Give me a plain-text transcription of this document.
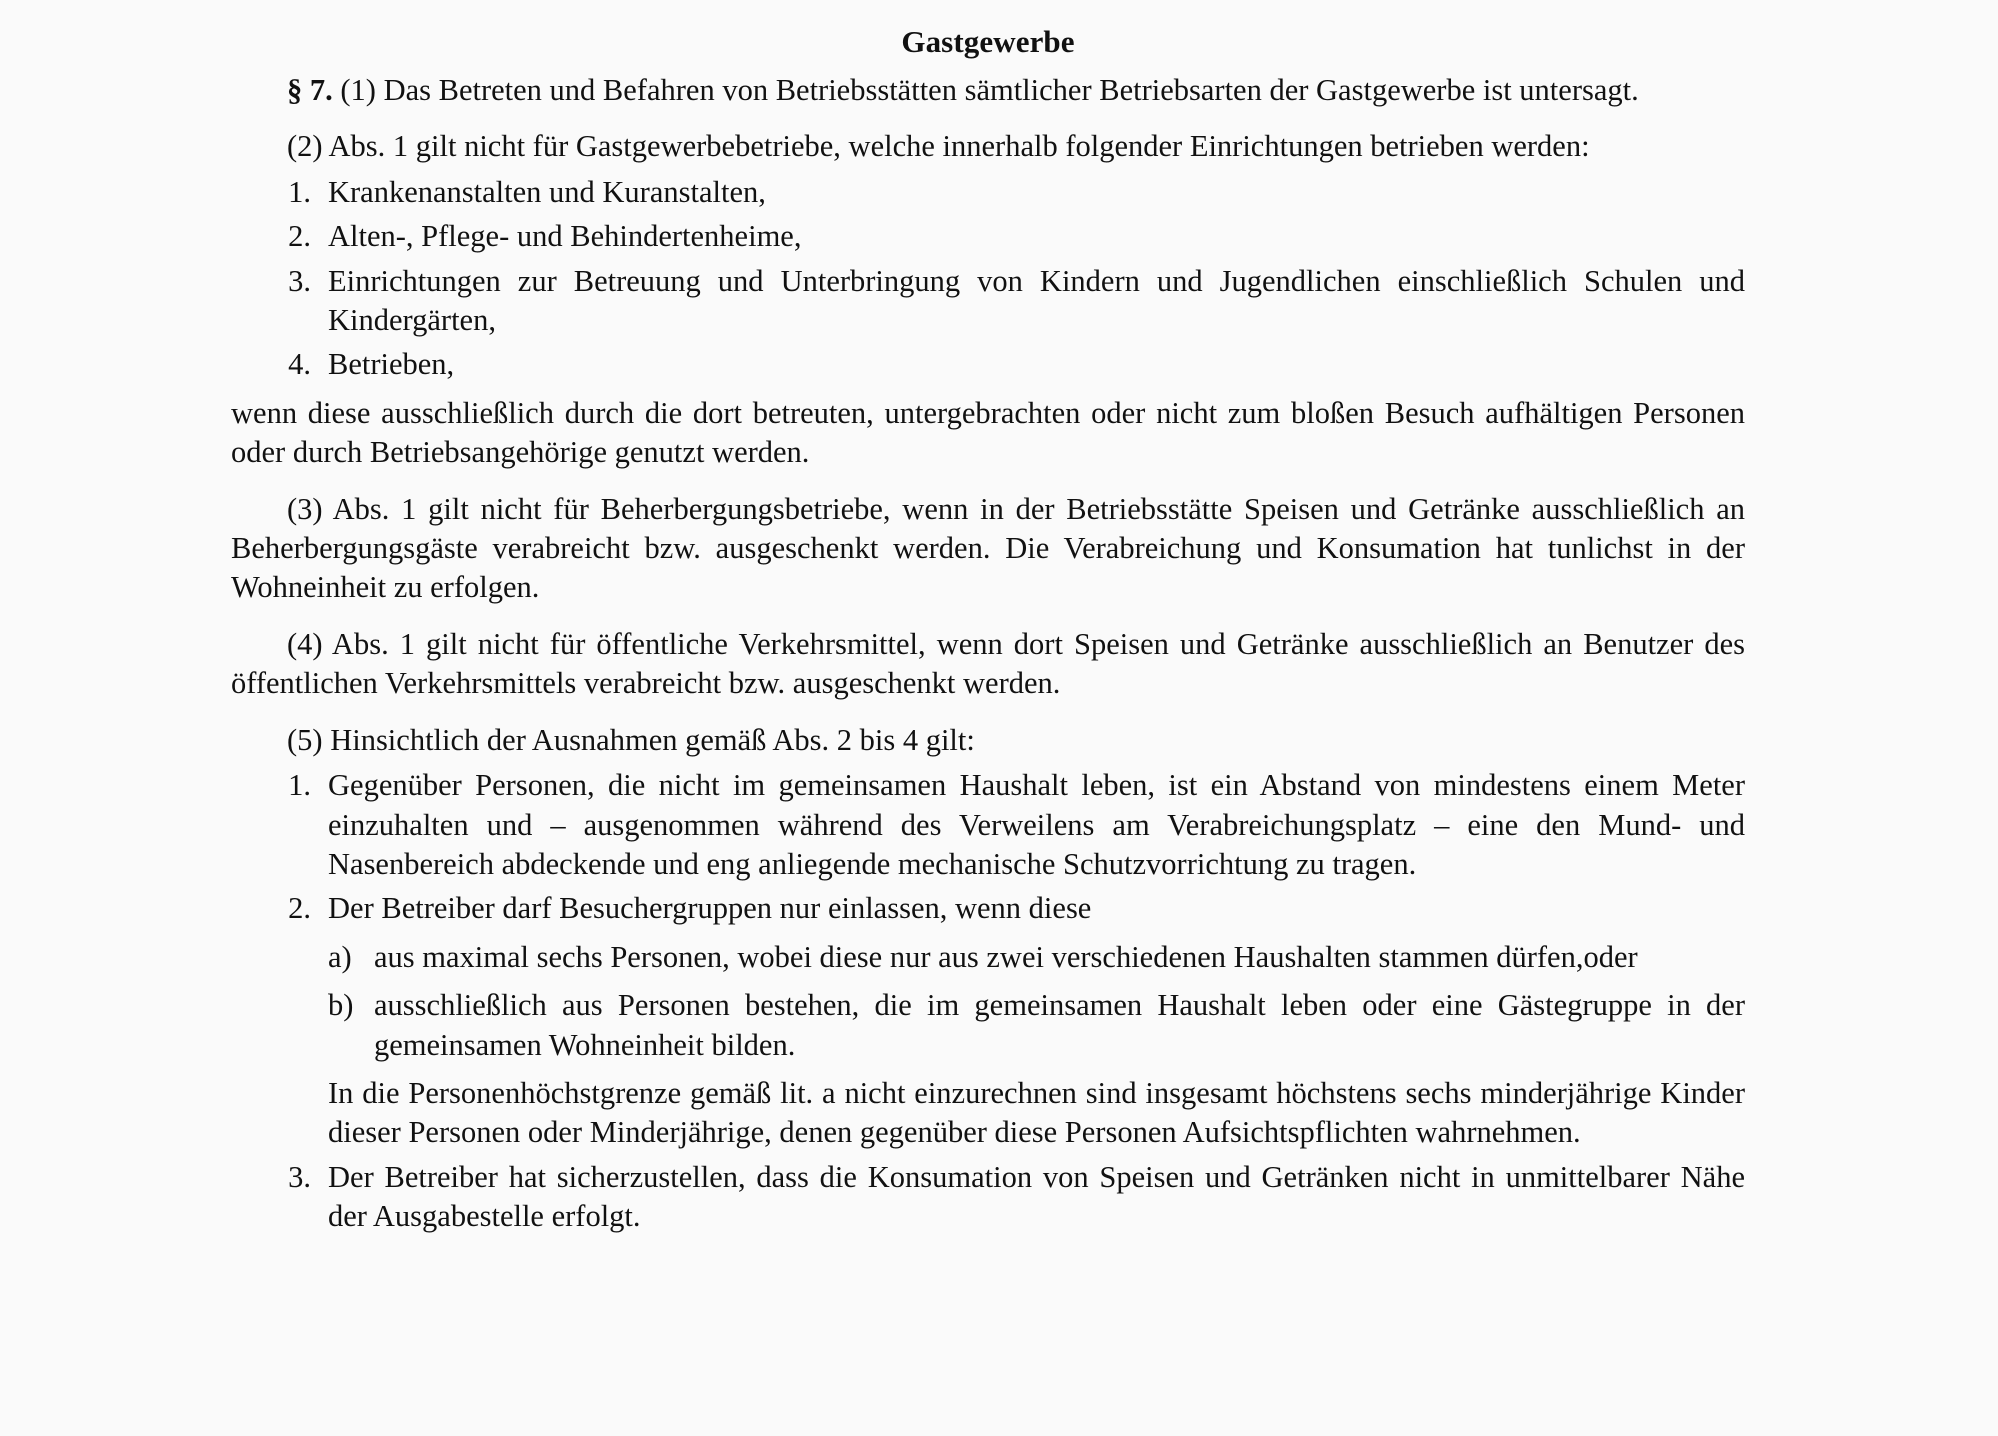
Gastgewerbe

§ 7. (1) Das Betreten und Befahren von Betriebsstätten sämtlicher Betriebsarten der Gastgewerbe ist untersagt.

(2) Abs. 1 gilt nicht für Gastgewerbebetriebe, welche innerhalb folgender Einrichtungen betrieben werden:

1. Krankenanstalten und Kuranstalten,
2. Alten-, Pflege- und Behindertenheime,
3. Einrichtungen zur Betreuung und Unterbringung von Kindern und Jugendlichen einschließlich Schulen und Kindergärten,
4. Betrieben,

wenn diese ausschließlich durch die dort betreuten, untergebrachten oder nicht zum bloßen Besuch aufhältigen Personen oder durch Betriebsangehörige genutzt werden.

(3) Abs. 1 gilt nicht für Beherbergungsbetriebe, wenn in der Betriebsstätte Speisen und Getränke ausschließlich an Beherbergungsgäste verabreicht bzw. ausgeschenkt werden. Die Verabreichung und Konsumation hat tunlichst in der Wohneinheit zu erfolgen.

(4) Abs. 1 gilt nicht für öffentliche Verkehrsmittel, wenn dort Speisen und Getränke ausschließlich an Benutzer des öffentlichen Verkehrsmittels verabreicht bzw. ausgeschenkt werden.

(5) Hinsichtlich der Ausnahmen gemäß Abs. 2 bis 4 gilt:

1. Gegenüber Personen, die nicht im gemeinsamen Haushalt leben, ist ein Abstand von mindestens einem Meter einzuhalten und – ausgenommen während des Verweilens am Verabreichungsplatz – eine den Mund- und Nasenbereich abdeckende und eng anliegende mechanische Schutzvorrichtung zu tragen.
2. Der Betreiber darf Besuchergruppen nur einlassen, wenn diese
a) aus maximal sechs Personen, wobei diese nur aus zwei verschiedenen Haushalten stammen dürfen,oder
b) ausschließlich aus Personen bestehen, die im gemeinsamen Haushalt leben oder eine Gästegruppe in der gemeinsamen Wohneinheit bilden.

In die Personenhöchstgrenze gemäß lit. a nicht einzurechnen sind insgesamt höchstens sechs minderjährige Kinder dieser Personen oder Minderjährige, denen gegenüber diese Personen Aufsichtspflichten wahrnehmen.

3. Der Betreiber hat sicherzustellen, dass die Konsumation von Speisen und Getränken nicht in unmittelbarer Nähe der Ausgabestelle erfolgt.
